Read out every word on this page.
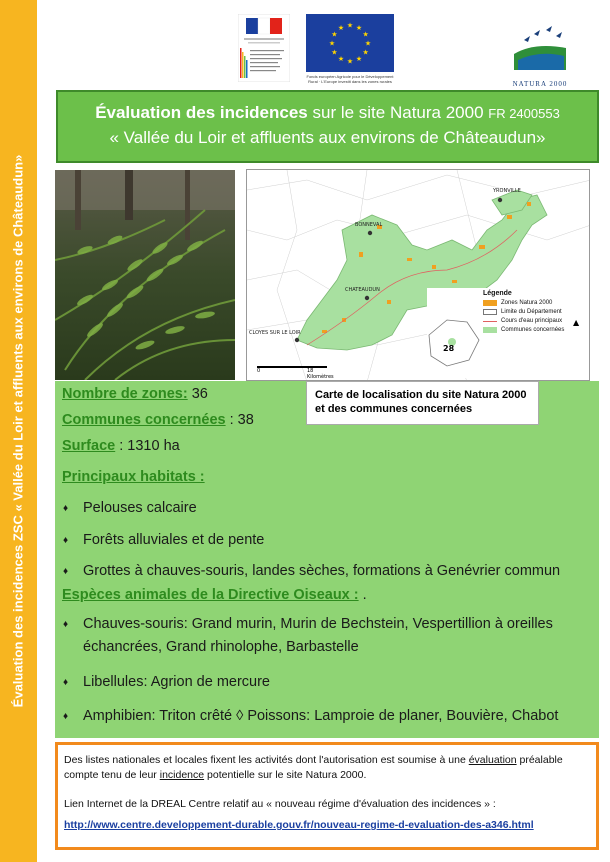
Évaluation des incidences ZSC « Vallée du Loir et affluents aux environs de Châteaudun»
★ ★
★
★
★
★
★
★
★
★
★
★
Fonds européen Agricole pour le Développement Rural · L'Europe investit dans les zones rurales	NATURA 2000
Évaluation des incidences sur le site Natura 2000 FR 2400553
« Vallée du Loir et affluents aux environs de Châteaudun»
YRONVILLE
BONNEVAL
CHATEAUDUN
CLOYES SUR LE LOIR
0	18 Kilomètres
28
Légende
Zones Natura 2000
Limite du Département
Cours d'eau principaux
Communes concernées
▲
Carte de localisation du site Natura 2000
et des communes concernées
Nombre de zones: 36
Communes concernées : 38
Surface : 1310 ha
Principaux habitats :
♦	Pelouses calcaire
♦	Forêts alluviales et de pente
♦	Grottes à chauves-souris, landes sèches, formations à Genévrier commun
Espèces animales de la Directive Oiseaux : .
♦	Chauves-souris: Grand murin, Murin de Bechstein, Vespertillion à oreilles échancrées, Grand rhinolophe, Barbastelle
♦	Libellules: Agrion de mercure
♦	Amphibien: Triton crêté ◊ Poissons: Lamproie de planer, Bouvière, Chabot
Des listes nationales et locales fixent les activités dont l'autorisation est soumise à une évaluation préalable compte tenu de leur incidence potentielle sur le site Natura 2000.
Lien Internet de la DREAL Centre relatif au « nouveau régime d'évaluation des incidences » :
http://www.centre.developpement-durable.gouv.fr/nouveau-regime-d-evaluation-des-a346.html
